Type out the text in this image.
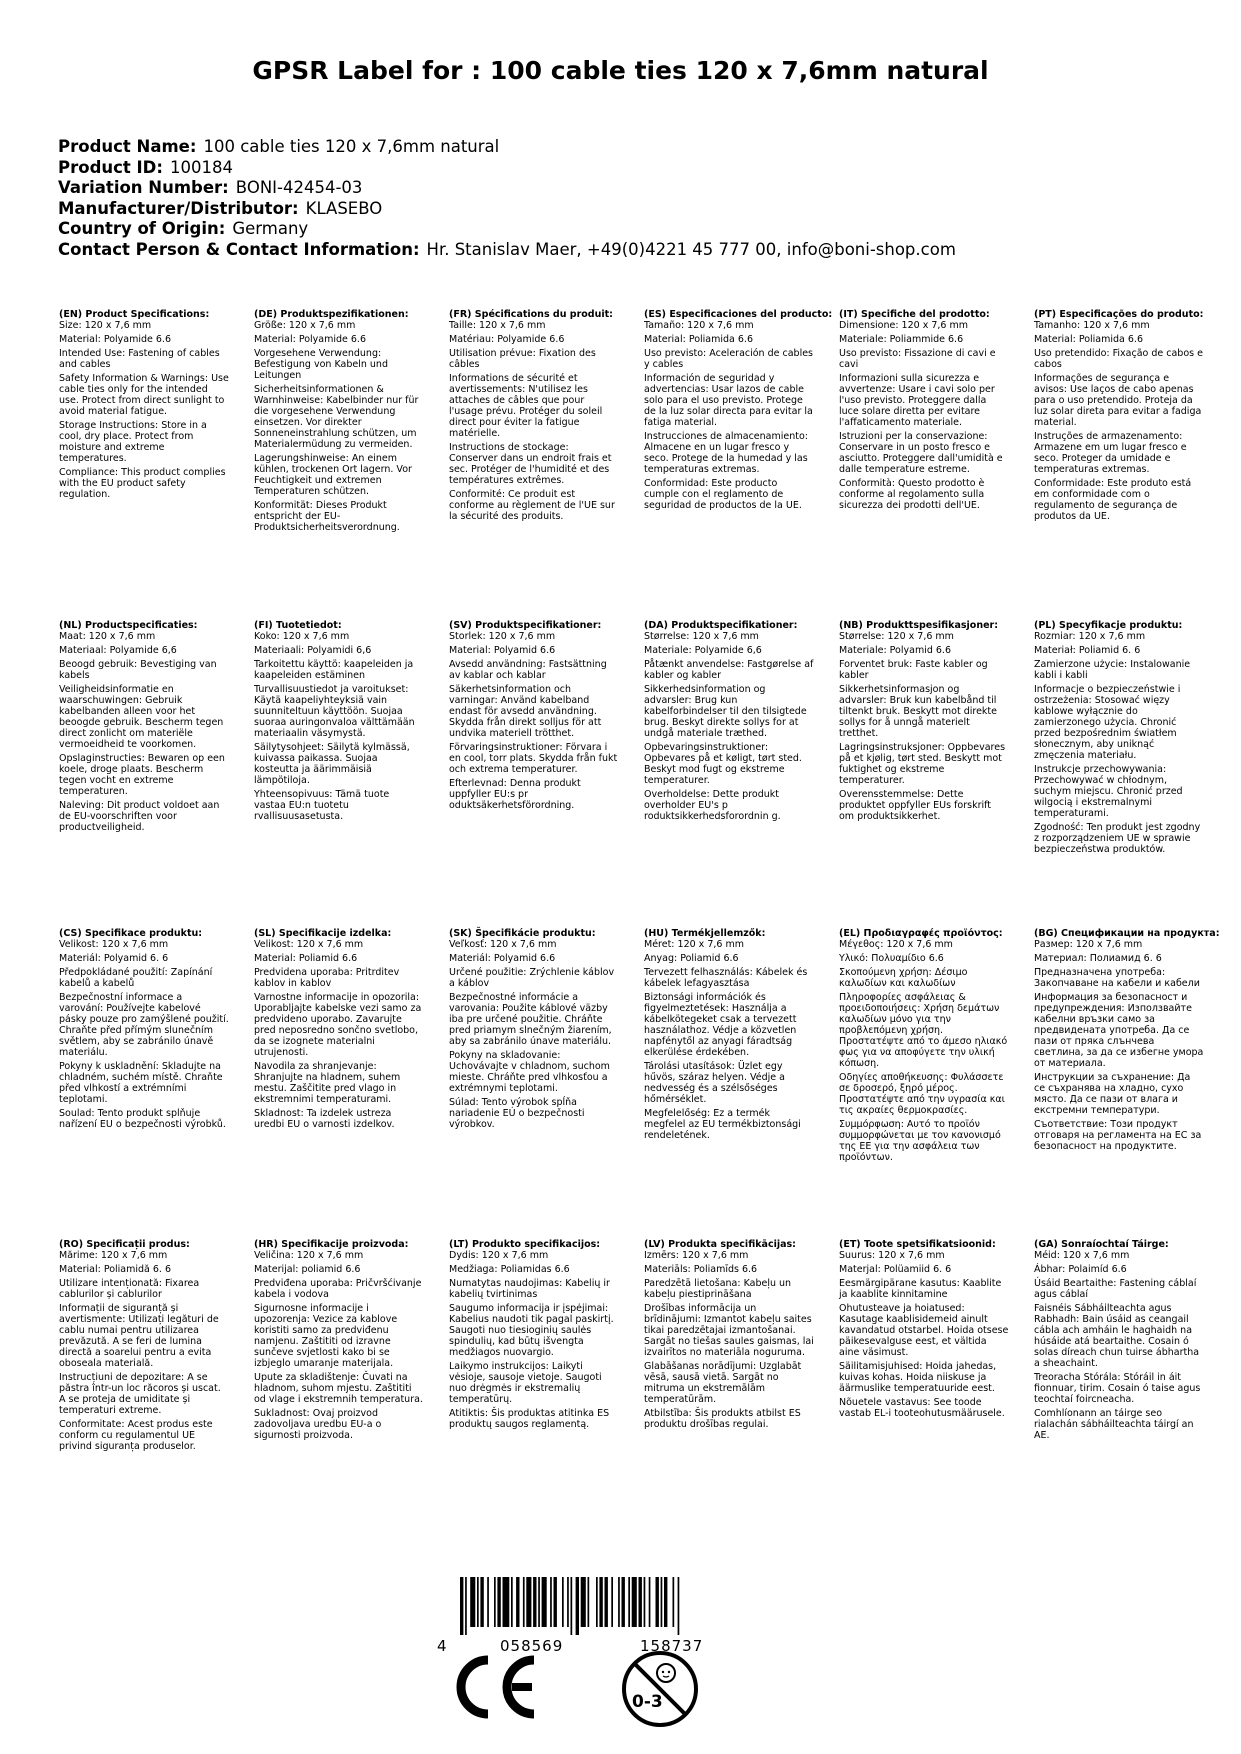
GPSR Label for : 100 cable ties 120 x 7,6mm natural
Product Name: 100 cable ties 120 x 7,6mm natural
Product ID: 100184
Variation Number: BONI-42454-03
Manufacturer/Distributor: KLASEBO
Country of Origin: Germany
Contact Person & Contact Information: Hr. Stanislav Maer, +49(0)4221 45 777 00, info@boni-shop.com
(EN) Product Specifications:

Size: 120 x 7,6 mm

Material: Polyamide 6.6

Intended Use: Fastening of cables and cables

Safety Information & Warnings: Use cable ties only for the intended use. Protect from direct sunlight to avoid material fatigue.

Storage Instructions: Store in a cool, dry place. Protect from moisture and extreme temperatures.

Compliance: This product complies with the EU product safety regulation.

(DE) Produktspezifikationen:

Größe: 120 x 7,6 mm

Material: Polyamide 6.6

Vorgesehene Verwendung: Befestigung von Kabeln und Leitungen

Sicherheitsinformationen & Warnhinweise: Kabelbinder nur für die vorgesehene Verwendung einsetzen. Vor direkter Sonneneinstrahlung schützen, um Materialermüdung zu vermeiden.

Lagerungshinweise: An einem kühlen, trockenen Ort lagern. Vor Feuchtigkeit und extremen Temperaturen schützen.

Konformität: Dieses Produkt entspricht der EU-Produktsicherheitsverordnung.

(FR) Spécifications du produit:

Taille: 120 x 7,6 mm

Matériau: Polyamide 6.6

Utilisation prévue: Fixation des câbles

Informations de sécurité et avertissements: N'utilisez les attaches de câbles que pour l'usage prévu. Protéger du soleil direct pour éviter la fatigue matérielle.

Instructions de stockage: Conserver dans un endroit frais et sec. Protéger de l'humidité et des températures extrêmes.

Conformité: Ce produit est conforme au règlement de l'UE sur la sécurité des produits.

(ES) Especificaciones del producto:

Tamaño: 120 x 7,6 mm

Material: Poliamida 6.6

Uso previsto: Aceleración de cables y cables

Información de seguridad y advertencias: Usar lazos de cable solo para el uso previsto. Protege de la luz solar directa para evitar la fatiga material.

Instrucciones de almacenamiento: Almacene en un lugar fresco y seco. Protege de la humedad y las temperaturas extremas.

Conformidad: Este producto cumple con el reglamento de seguridad de productos de la UE.

(IT) Specifiche del prodotto:

Dimensione: 120 x 7,6 mm

Materiale: Poliammide 6.6

Uso previsto: Fissazione di cavi e cavi

Informazioni sulla sicurezza e avvertenze: Usare i cavi solo per l'uso previsto. Proteggere dalla luce solare diretta per evitare l'affaticamento materiale.

Istruzioni per la conservazione: Conservare in un posto fresco e asciutto. Proteggere dall'umidità e dalle temperature estreme.

Conformità: Questo prodotto è conforme al regolamento sulla sicurezza dei prodotti dell'UE.

(PT) Especificações do produto:

Tamanho: 120 x 7,6 mm

Material: Poliamida 6.6

Uso pretendido: Fixação de cabos e cabos

Informações de segurança e avisos: Use laços de cabo apenas para o uso pretendido. Proteja da luz solar direta para evitar a fadiga material.

Instruções de armazenamento: Armazene em um lugar fresco e seco. Proteger da umidade e temperaturas extremas.

Conformidade: Este produto está em conformidade com o regulamento de segurança de produtos da UE.

(NL) Productspecificaties:

Maat: 120 x 7,6 mm

Materiaal: Polyamide 6,6

Beoogd gebruik: Bevestiging van kabels

Veiligheidsinformatie en waarschuwingen: Gebruik kabelbanden alleen voor het beoogde gebruik. Bescherm tegen direct zonlicht om materiële vermoeidheid te voorkomen.

Opslaginstructies: Bewaren op een koele, droge plaats. Bescherm tegen vocht en extreme temperaturen.

Naleving: Dit product voldoet aan de EU-voorschriften voor productveiligheid.

(FI) Tuotetiedot:

Koko: 120 x 7,6 mm

Materiaali: Polyamidi 6,6

Tarkoitettu käyttö: kaapeleiden ja kaapeleiden estäminen

Turvallisuustiedot ja varoitukset: Käytä kaapeliyhteyksiä vain suunniteltuun käyttöön. Suojaa suoraa auringonvaloa välttämään materiaalin väsymystä.

Säilytysohjeet: Säilytä kylmässä, kuivassa paikassa. Suojaa kosteutta ja äärimmäisiä lämpötiloja.

Yhteensopivuus: Tämä tuote vastaa EU:n tuotetu rvallisuusasetusta.

(SV) Produktspecifikationer:

Storlek: 120 x 7,6 mm

Material: Polyamid 6.6

Avsedd användning: Fastsättning av kablar och kablar

Säkerhetsinformation och varningar: Använd kabelband endast för avsedd användning. Skydda från direkt solljus för att undvika materiell trötthet.

Förvaringsinstruktioner: Förvara i en cool, torr plats. Skydda från fukt och extrema temperaturer.

Efterlevnad: Denna produkt uppfyller EU:s pr oduktsäkerhetsförordning.

(DA) Produktspecifikationer:

Størrelse: 120 x 7,6 mm

Materiale: Polyamide 6,6

Påtænkt anvendelse: Fastgørelse af kabler og kabler

Sikkerhedsinformation og advarsler: Brug kun kabelforbindelser til den tilsigtede brug. Beskyt direkte sollys for at undgå materiale træthed.

Opbevaringsinstruktioner: Opbevares på et køligt, tørt sted. Beskyt mod fugt og ekstreme temperaturer.

Overholdelse: Dette produkt overholder EU's p roduktsikkerhedsforordnin g.

(NB) Produkttspesifikasjoner:

Størrelse: 120 x 7,6 mm

Materiale: Polyamid 6.6

Forventet bruk: Faste kabler og kabler

Sikkerhetsinformasjon og advarsler: Bruk kun kabelbånd til tiltenkt bruk. Beskytt mot direkte sollys for å unngå materielt tretthet.

Lagringsinstruksjoner: Oppbevares på et kjølig, tørt sted. Beskytt mot fuktighet og ekstreme temperaturer.

Overensstemmelse: Dette produktet oppfyller EUs forskrift om produktsikkerhet.

(PL) Specyfikacje produktu:

Rozmiar: 120 x 7,6 mm

Materiał: Poliamid 6. 6

Zamierzone użycie: Instalowanie kabli i kabli

Informacje o bezpieczeństwie i ostrzeżenia: Stosować więzy kablowe wyłącznie do zamierzonego użycia. Chronić przed bezpośrednim światłem słonecznym, aby uniknąć zmęczenia materiału.

Instrukcje przechowywania: Przechowywać w chłodnym, suchym miejscu. Chronić przed wilgocią i ekstremalnymi temperaturami.

Zgodność: Ten produkt jest zgodny z rozporządzeniem UE w sprawie bezpieczeństwa produktów.

(CS) Specifikace produktu:

Velikost: 120 x 7,6 mm

Materiál: Polyamid 6. 6

Předpokládané použití: Zapínání kabelů a kabelů

Bezpečnostní informace a varování: Používejte kabelové pásky pouze pro zamýšlené použití. Chraňte před přímým slunečním světlem, aby se zabránilo únavě materiálu.

Pokyny k uskladnění: Skladujte na chladném, suchém místě. Chraňte před vlhkostí a extrémními teplotami.

Soulad: Tento produkt splňuje nařízení EU o bezpečnosti výrobků.

(SL) Specifikacije izdelka:

Velikost: 120 x 7,6 mm

Material: Poliamid 6.6

Predvidena uporaba: Pritrditev kablov in kablov

Varnostne informacije in opozorila: Uporabljajte kabelske vezi samo za predvideno uporabo. Zavarujte pred neposredno sončno svetlobo, da se izognete materialni utrujenosti.

Navodila za shranjevanje: Shranjujte na hladnem, suhem mestu. Zaščitite pred vlago in ekstremnimi temperaturami.

Skladnost: Ta izdelek ustreza uredbi EU o varnosti izdelkov.

(SK) Špecifikácie produktu:

Veľkosť: 120 x 7,6 mm

Materiál: Polyamid 6.6

Určené použitie: Zrýchlenie káblov a káblov

Bezpečnostné informácie a varovania: Použite káblové väzby iba pre určené použitie. Chráňte pred priamym slnečným žiarením, aby sa zabránilo únave materiálu.

Pokyny na skladovanie: Uchovávajte v chladnom, suchom mieste. Chráňte pred vlhkosťou a extrémnymi teplotami.

Súlad: Tento výrobok spĺňa nariadenie EÚ o bezpečnosti výrobkov.

(HU) Termékjellemzők:

Méret: 120 x 7,6 mm

Anyag: Poliamid 6.6

Tervezett felhasználás: Kábelek és kábelek lefagyasztása

Biztonsági információk és figyelmeztetések: Használja a kábelkötegeket csak a tervezett használathoz. Védje a közvetlen napfénytől az anyagi fáradtság elkerülése érdekében.

Tárolási utasítások: Üzlet egy hűvös, száraz helyen. Védje a nedvesség és a szélsőséges hőmérséklet.

Megfelelőség: Ez a termék megfelel az EU termékbiztonsági rendeletének.

(EL) Προδιαγραφές προϊόντος:

Μέγεθος: 120 x 7,6 mm

Υλικό: Πολυαμίδιο 6.6

Σκοπούμενη χρήση: Δέσιμο καλωδίων και καλωδίων

Πληροφορίες ασφάλειας & προειδοποιήσεις: Χρήση δεμάτων καλωδίων μόνο για την προβλεπόμενη χρήση. Προστατέψτε από το άμεσο ηλιακό φως για να αποφύγετε την υλική κόπωση.

Οδηγίες αποθήκευσης: Φυλάσσετε σε δροσερό, ξηρό μέρος. Προστατέψτε από την υγρασία και τις ακραίες θερμοκρασίες.

Συμμόρφωση: Αυτό το προϊόν συμμορφώνεται με τον κανονισμό της ΕΕ για την ασφάλεια των προϊόντων.

(BG) Спецификации на продукта:

Размер: 120 x 7,6 mm

Материал: Полиамид 6. 6

Предназначена употреба: Закопчаване на кабели и кабели

Информация за безопасност и предупреждения: Използвайте кабелни връзки само за предвидената употреба. Да се пази от пряка слънчева светлина, за да се избегне умора от материала.

Инструкции за съхранение: Да се съхранява на хладно, сухо място. Да се пази от влага и екстремни температури.

Съответствие: Този продукт отговаря на регламента на ЕС за безопасност на продуктите.

(RO) Specificații produs:

Mărime: 120 x 7,6 mm

Material: Poliamidă 6. 6

Utilizare intenționată: Fixarea cablurilor și cablurilor

Informații de siguranță și avertismente: Utilizați legături de cablu numai pentru utilizarea prevăzută. A se feri de lumina directă a soarelui pentru a evita oboseala materială.

Instrucțiuni de depozitare: A se păstra într-un loc răcoros și uscat. A se proteja de umiditate și temperaturi extreme.

Conformitate: Acest produs este conform cu regulamentul UE privind siguranța produselor.

(HR) Specifikacije proizvoda:

Veličina: 120 x 7,6 mm

Materijal: poliamid 6.6

Predviđena uporaba: Pričvršćivanje kabela i vodova

Sigurnosne informacije i upozorenja: Vezice za kablove koristiti samo za predviđenu namjenu. Zaštititi od izravne sunčeve svjetlosti kako bi se izbjeglo umaranje materijala.

Upute za skladištenje: Čuvati na hladnom, suhom mjestu. Zaštititi od vlage i ekstremnih temperatura.

Sukladnost: Ovaj proizvod zadovoljava uredbu EU-a o sigurnosti proizvoda.

(LT) Produkto specifikacijos:

Dydis: 120 x 7,6 mm

Medžiaga: Poliamidas 6.6

Numatytas naudojimas: Kabelių ir kabelių tvirtinimas

Saugumo informacija ir įspėjimai: Kabelius naudoti tik pagal paskirtį. Saugoti nuo tiesioginių saulės spindulių, kad būtų išvengta medžiagos nuovargio.

Laikymo instrukcijos: Laikyti vėsioje, sausoje vietoje. Saugoti nuo drėgmės ir ekstremalių temperatūrų.

Atitiktis: Šis produktas atitinka ES produktų saugos reglamentą.

(LV) Produkta specifikācijas:

Izmērs: 120 x 7,6 mm

Materiāls: Poliamīds 6.6

Paredzētā lietošana: Kabeļu un kabeļu piestiprināšana

Drošības informācija un brīdinājumi: Izmantot kabeļu saites tikai paredzētajai izmantošanai. Sargāt no tiešas saules gaismas, lai izvairītos no materiāla noguruma.

Glabāšanas norādījumi: Uzglabāt vēsā, sausā vietā. Sargāt no mitruma un ekstremālām temperatūrām.

Atbilstība: Šis produkts atbilst ES produktu drošības regulai.

(ET) Toote spetsifikatsioonid:

Suurus: 120 x 7,6 mm

Materjal: Polüamiid 6. 6

Eesmärgipärane kasutus: Kaablite ja kaablite kinnitamine

Ohutusteave ja hoiatused: Kasutage kaablisidemeid ainult kavandatud otstarbel. Hoida otsese päikesevalguse eest, et vältida aine väsimust.

Säilitamisjuhised: Hoida jahedas, kuivas kohas. Hoida niiskuse ja äärmuslike temperatuuride eest.

Nõuetele vastavus: See toode vastab EL-i tooteohutusmäärusele.

(GA) Sonraíochtaí Táirge:

Méid: 120 x 7,6 mm

Ábhar: Polaimíd 6.6

Úsáid Beartaithe: Fastening cáblaí agus cáblaí

Faisnéis Sábháilteachta agus Rabhadh: Bain úsáid as ceangail cábla ach amháin le haghaidh na húsáide atá beartaithe. Cosain ó solas díreach chun tuirse ábhartha a sheachaint.

Treoracha Stórála: Stóráil in áit fionnuar, tirim. Cosain ó taise agus teochtaí foircneacha.

Comhlíonann an táirge seo rialachán sábháilteachta táirgí an AE.

4	058569	158737
0-3
